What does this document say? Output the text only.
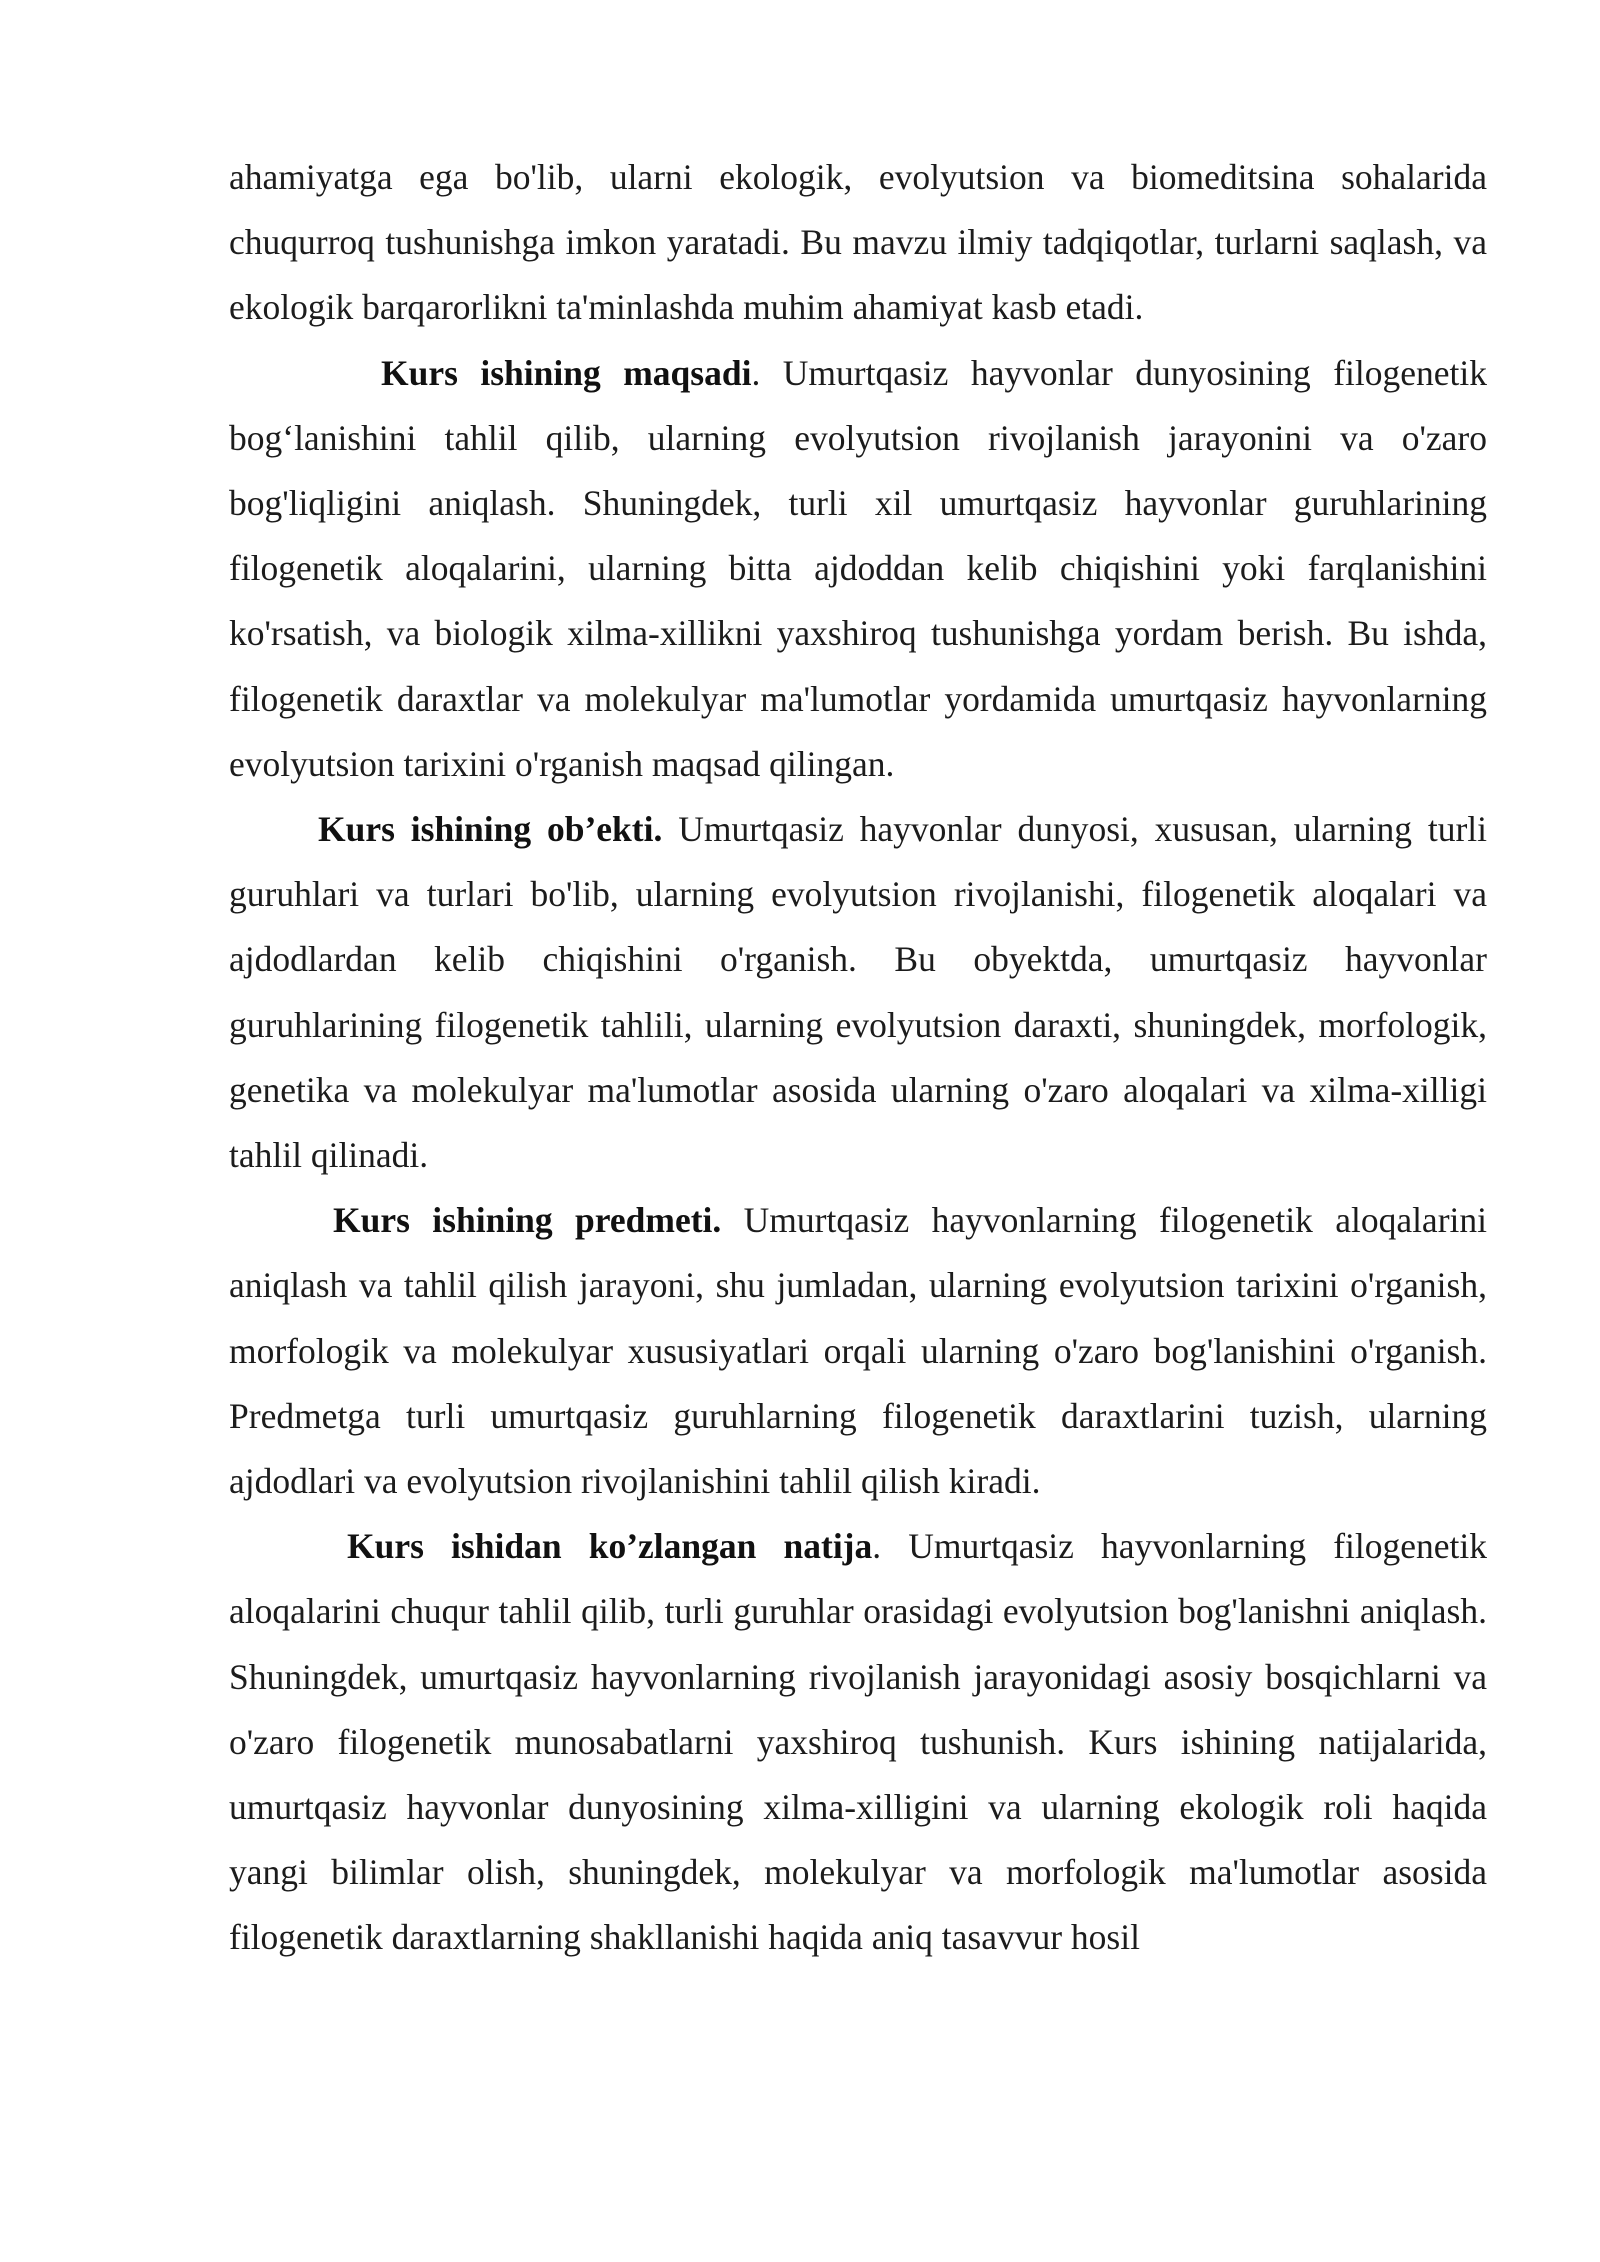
ahamiyatga ega bo'lib, ularni ekologik, evolyutsion va biomeditsina sohalarida chuqurroq tushunishga imkon yaratadi. Bu mavzu ilmiy tadqiqotlar, turlarni saqlash, va ekologik barqarorlikni ta'minlashda muhim ahamiyat kasb etadi.

Kurs ishining maqsadi. Umurtqasiz hayvonlar dunyosining filogenetik bog‘lanishini tahlil qilib, ularning evolyutsion rivojlanish jarayonini va o'zaro bog'liqligini aniqlash. Shuningdek, turli xil umurtqasiz hayvonlar guruhlarining filogenetik aloqalarini, ularning bitta ajdoddan kelib chiqishini yoki farqlanishini ko'rsatish, va biologik xilma-xillikni yaxshiroq tushunishga yordam berish. Bu ishda, filogenetik daraxtlar va molekulyar ma'lumotlar yordamida umurtqasiz hayvonlarning evolyutsion tarixini o'rganish maqsad qilingan.

Kurs ishining ob’ekti. Umurtqasiz hayvonlar dunyosi, xususan, ularning turli guruhlari va turlari bo'lib, ularning evolyutsion rivojlanishi, filogenetik aloqalari va ajdodlardan kelib chiqishini o'rganish. Bu obyektda, umurtqasiz hayvonlar guruhlarining filogenetik tahlili, ularning evolyutsion daraxti, shuningdek, morfologik, genetika va molekulyar ma'lumotlar asosida ularning o'zaro aloqalari va xilma-xilligi tahlil qilinadi.

Kurs ishining predmeti. Umurtqasiz hayvonlarning filogenetik aloqalarini aniqlash va tahlil qilish jarayoni, shu jumladan, ularning evolyutsion tarixini o'rganish, morfologik va molekulyar xususiyatlari orqali ularning o'zaro bog'lanishini o'rganish. Predmetga turli umurtqasiz guruhlarning filogenetik daraxtlarini tuzish, ularning ajdodlari va evolyutsion rivojlanishini tahlil qilish kiradi.

Kurs ishidan ko’zlangan natija. Umurtqasiz hayvonlarning filogenetik aloqalarini chuqur tahlil qilib, turli guruhlar orasidagi evolyutsion bog'lanishni aniqlash. Shuningdek, umurtqasiz hayvonlarning rivojlanish jarayonidagi asosiy bosqichlarni va o'zaro filogenetik munosabatlarni yaxshiroq tushunish. Kurs ishining natijalarida, umurtqasiz hayvonlar dunyosining xilma-xilligini va ularning ekologik roli haqida yangi bilimlar olish, shuningdek, molekulyar va morfologik ma'lumotlar asosida filogenetik daraxtlarning shakllanishi haqida aniq tasavvur hosil
